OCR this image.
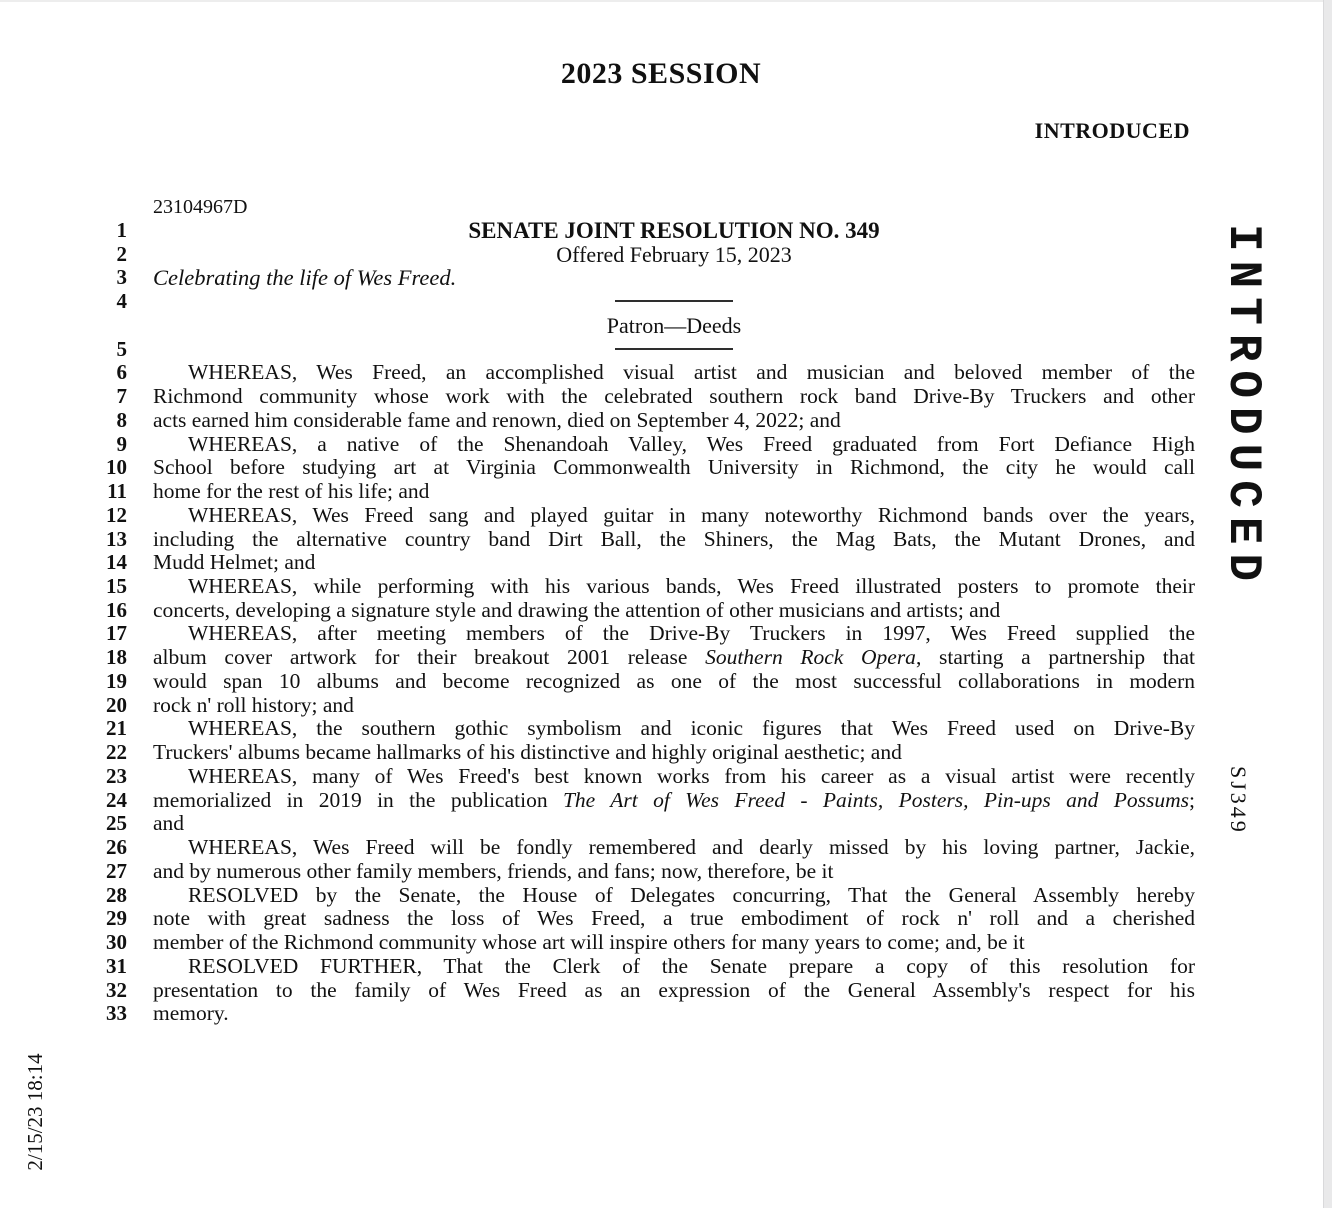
2023 SESSION
INTRODUCED
23104967D
1	SENATE JOINT RESOLUTION NO. 349
2	Offered February 15, 2023
3 Celebrating the life of Wes Freed.
4
Patron—Deeds
5
6	WHEREAS, Wes Freed, an accomplished visual artist and musician and beloved member of the
7 Richmond community whose work with the celebrated southern rock band Drive-By Truckers and other
8 acts earned him considerable fame and renown, died on September 4, 2022; and
9	WHEREAS, a native of the Shenandoah Valley, Wes Freed graduated from Fort Defiance High
10 School before studying art at Virginia Commonwealth University in Richmond, the city he would call
11 home for the rest of his life; and
12	WHEREAS, Wes Freed sang and played guitar in many noteworthy Richmond bands over the years,
13 including the alternative country band Dirt Ball, the Shiners, the Mag Bats, the Mutant Drones, and
14 Mudd Helmet; and
15	WHEREAS, while performing with his various bands, Wes Freed illustrated posters to promote their
16 concerts, developing a signature style and drawing the attention of other musicians and artists; and
17	WHEREAS, after meeting members of the Drive-By Truckers in 1997, Wes Freed supplied the
18 album cover artwork for their breakout 2001 release Southern Rock Opera, starting a partnership that
19 would span 10 albums and become recognized as one of the most successful collaborations in modern
20 rock n' roll history; and
21	WHEREAS, the southern gothic symbolism and iconic figures that Wes Freed used on Drive-By
22 Truckers' albums became hallmarks of his distinctive and highly original aesthetic; and
23	WHEREAS, many of Wes Freed's best known works from his career as a visual artist were recently
24 memorialized in 2019 in the publication The Art of Wes Freed - Paints, Posters, Pin-ups and Possums;
25 and
26	WHEREAS, Wes Freed will be fondly remembered and dearly missed by his loving partner, Jackie,
27 and by numerous other family members, friends, and fans; now, therefore, be it
28	RESOLVED by the Senate, the House of Delegates concurring, That the General Assembly hereby
29 note with great sadness the loss of Wes Freed, a true embodiment of rock n' roll and a cherished
30 member of the Richmond community whose art will inspire others for many years to come; and, be it
31	RESOLVED FURTHER, That the Clerk of the Senate prepare a copy of this resolution for
32 presentation to the family of Wes Freed as an expression of the General Assembly's respect for his
33 memory.
INTRODUCED
SJ349
2/15/23 18:14
